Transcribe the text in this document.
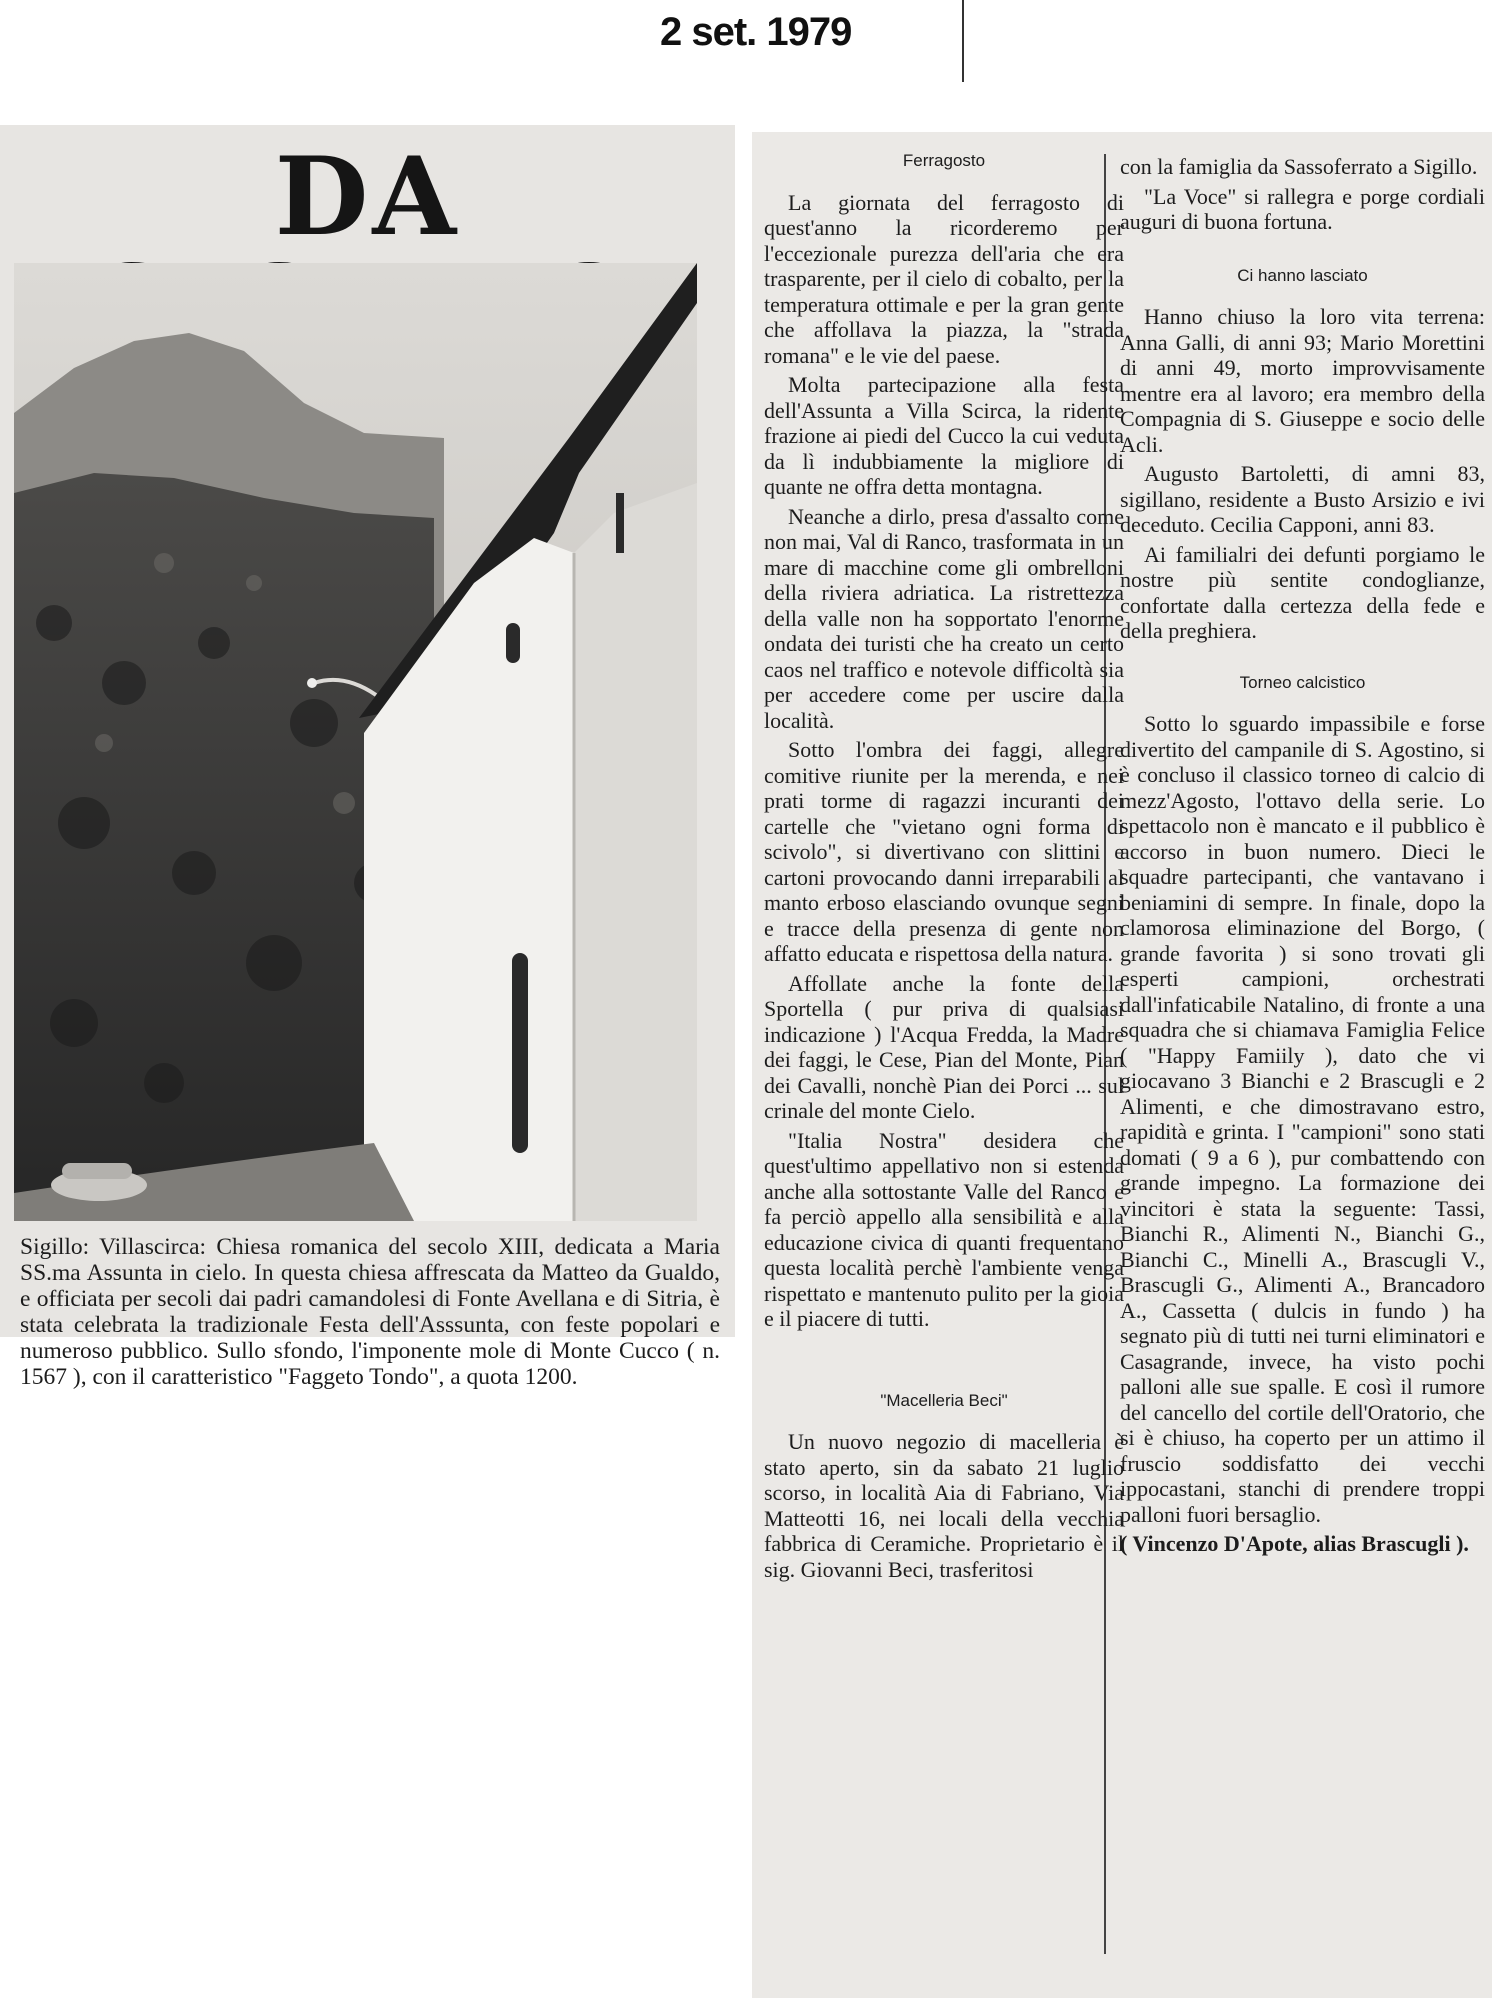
2 set. 1979
DA

Sigillo: Villascirca: Chiesa romanica del secolo XIII, dedicata a Maria SS.ma Assunta in cielo. In questa chiesa affrescata da Matteo da Gualdo, e officiata per secoli dai padri camandolesi di Fonte Avellana e di Sitria, è stata celebrata la tradizionale Festa dell'Asssunta, con feste popolari e numeroso pubblico. Sullo sfondo, l'imponente mole di Monte Cucco ( n. 1567 ), con il caratteristico "Faggeto Tondo", a quota 1200.

Ferragosto

La giornata del ferragosto di quest'anno la ricorderemo per l'eccezionale purezza dell'aria che era trasparente, per il cielo di cobalto, per la temperatura ottimale e per la gran gente che affollava la piazza, la "strada romana" e le vie del paese.

Molta partecipazione alla festa dell'Assunta a Villa Scirca, la ridente frazione ai piedi del Cucco la cui veduta da lì indubbiamente la migliore di quante ne offra detta montagna.

Neanche a dirlo, presa d'assalto come non mai, Val di Ranco, trasformata in un mare di macchine come gli ombrelloni della riviera adriatica. La ristrettezza della valle non ha sopportato l'enorme ondata dei turisti che ha creato un certo caos nel traffico e notevole difficoltà sia per accedere come per uscire dalla località.

Sotto l'ombra dei faggi, allegre comitive riunite per la merenda, e nei prati torme di ragazzi incuranti dei cartelle che "vietano ogni forma di scivolo", si divertivano con slittini e cartoni provocando danni irreparabili al manto erboso elasciando ovunque segni e tracce della presenza di gente non affatto educata e rispettosa della natura.

Affollate anche la fonte della Sportella ( pur priva di qualsiasi indicazione ) l'Acqua Fredda, la Madre dei faggi, le Cese, Pian del Monte, Pian dei Cavalli, nonchè Pian dei Porci ... sul crinale del monte Cielo.

"Italia Nostra" desidera che quest'ultimo appellativo non si estenda anche alla sottostante Valle del Ranco e fa perciò appello alla sensibilità e alla educazione civica di quanti frequentano questa località perchè l'ambiente venga rispettato e mantenuto pulito per la gioia e il piacere di tutti.

"Macelleria Beci"

Un nuovo negozio di macelleria è stato aperto, sin da sabato 21 luglio scorso, in località Aia di Fabriano, Via Matteotti 16, nei locali della vecchia fabbrica di Ceramiche. Proprietario è il sig. Giovanni Beci, trasferitosi

con la famiglia da Sassoferrato a Sigillo.

"La Voce" si rallegra e porge cordiali auguri di buona fortuna.

Ci hanno lasciato

Hanno chiuso la loro vita terrena: Anna Galli, di anni 93; Mario Morettini di anni 49, morto improvvisamente mentre era al lavoro; era membro della Compagnia di S. Giuseppe e socio delle Acli.

Augusto Bartoletti, di amni 83, sigillano, residente a Busto Arsizio e ivi deceduto. Cecilia Capponi, anni 83.

Ai familialri dei defunti porgiamo le nostre più sentite condoglianze, confortate dalla certezza della fede e della preghiera.

Torneo calcistico

Sotto lo sguardo impassibile e forse divertito del campanile di S. Agostino, si è concluso il classico torneo di calcio di mezz'Agosto, l'ottavo della serie. Lo spettacolo non è mancato e il pubblico è accorso in buon numero. Dieci le squadre partecipanti, che vantavano i beniamini di sempre. In finale, dopo la clamorosa eliminazione del Borgo, ( grande favorita ) si sono trovati gli esperti campioni, orchestrati dall'infaticabile Natalino, di fronte a una squadra che si chiamava Famiglia Felice ( "Happy Famiily ), dato che vi giocavano 3 Bianchi e 2 Brascugli e 2 Alimenti, e che dimostravano estro, rapidità e grinta. I "campioni" sono stati domati ( 9 a 6 ), pur combattendo con grande impegno. La formazione dei vincitori è stata la seguente: Tassi, Bianchi R., Alimenti N., Bianchi G., Bianchi C., Minelli A., Brascugli V., Brascugli G., Alimenti A., Brancadoro A., Cassetta ( dulcis in fundo ) ha segnato più di tutti nei turni eliminatori e Casagrande, invece, ha visto pochi palloni alle sue spalle. E così il rumore del cancello del cortile dell'Oratorio, che si è chiuso, ha coperto per un attimo il fruscio soddisfatto dei vecchi ippocastani, stanchi di prendere troppi palloni fuori bersaglio.

( Vincenzo D'Apote, alias Brascugli ).
